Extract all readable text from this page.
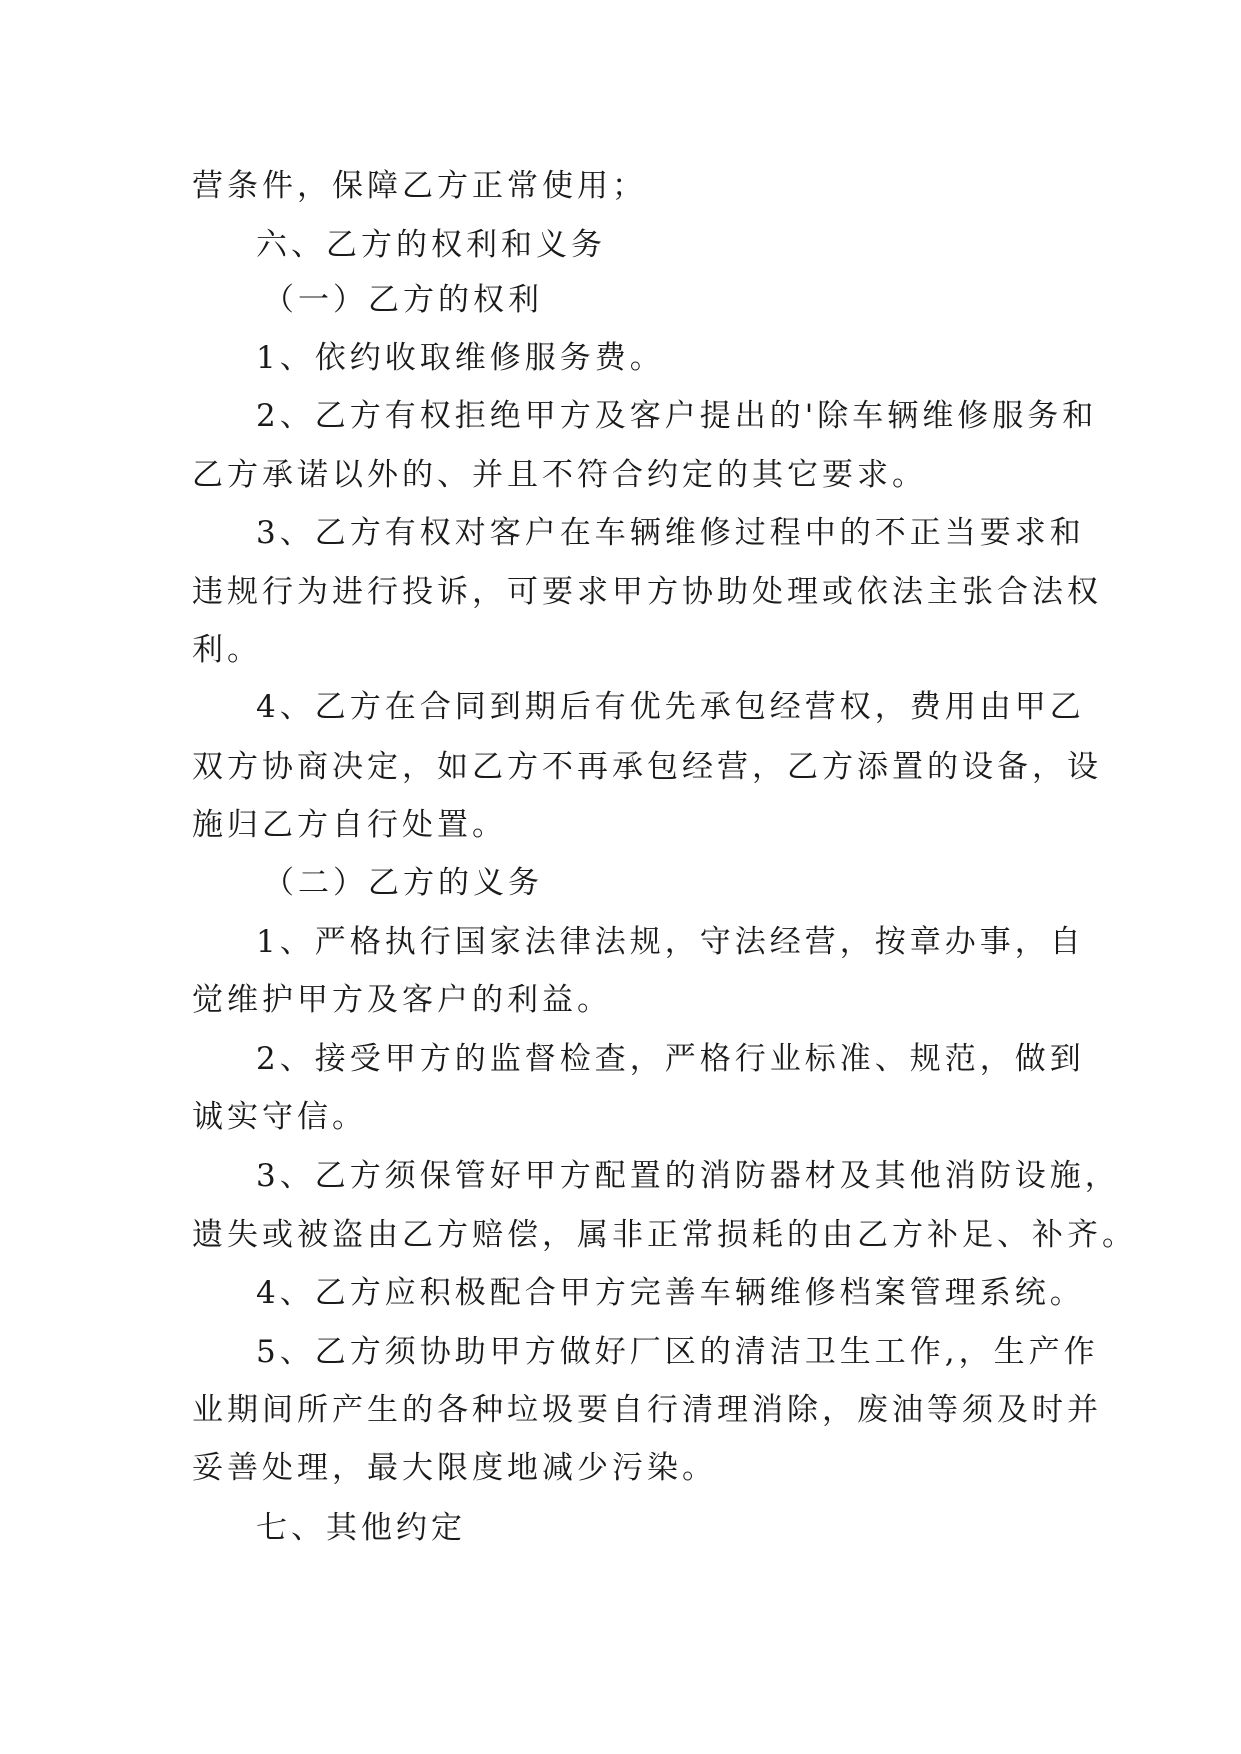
营条件，保障乙方正常使用；
六、乙方的权利和义务
（一）乙方的权利
1、依约收取维修服务费。
2、乙方有权拒绝甲方及客户提出的'除车辆维修服务和
乙方承诺以外的、并且不符合约定的其它要求。
3、乙方有权对客户在车辆维修过程中的不正当要求和
违规行为进行投诉，可要求甲方协助处理或依法主张合法权
利。
4、乙方在合同到期后有优先承包经营权，费用由甲乙
双方协商决定，如乙方不再承包经营，乙方添置的设备，设
施归乙方自行处置。
（二）乙方的义务
1、严格执行国家法律法规，守法经营，按章办事，自
觉维护甲方及客户的利益。
2、接受甲方的监督检查，严格行业标准、规范，做到
诚实守信。
3、乙方须保管好甲方配置的消防器材及其他消防设施，
遗失或被盗由乙方赔偿，属非正常损耗的由乙方补足、补齐。
4、乙方应积极配合甲方完善车辆维修档案管理系统。
5、乙方须协助甲方做好厂区的清洁卫生工作,，生产作
业期间所产生的各种垃圾要自行清理消除，废油等须及时并
妥善处理，最大限度地减少污染。
七、其他约定
